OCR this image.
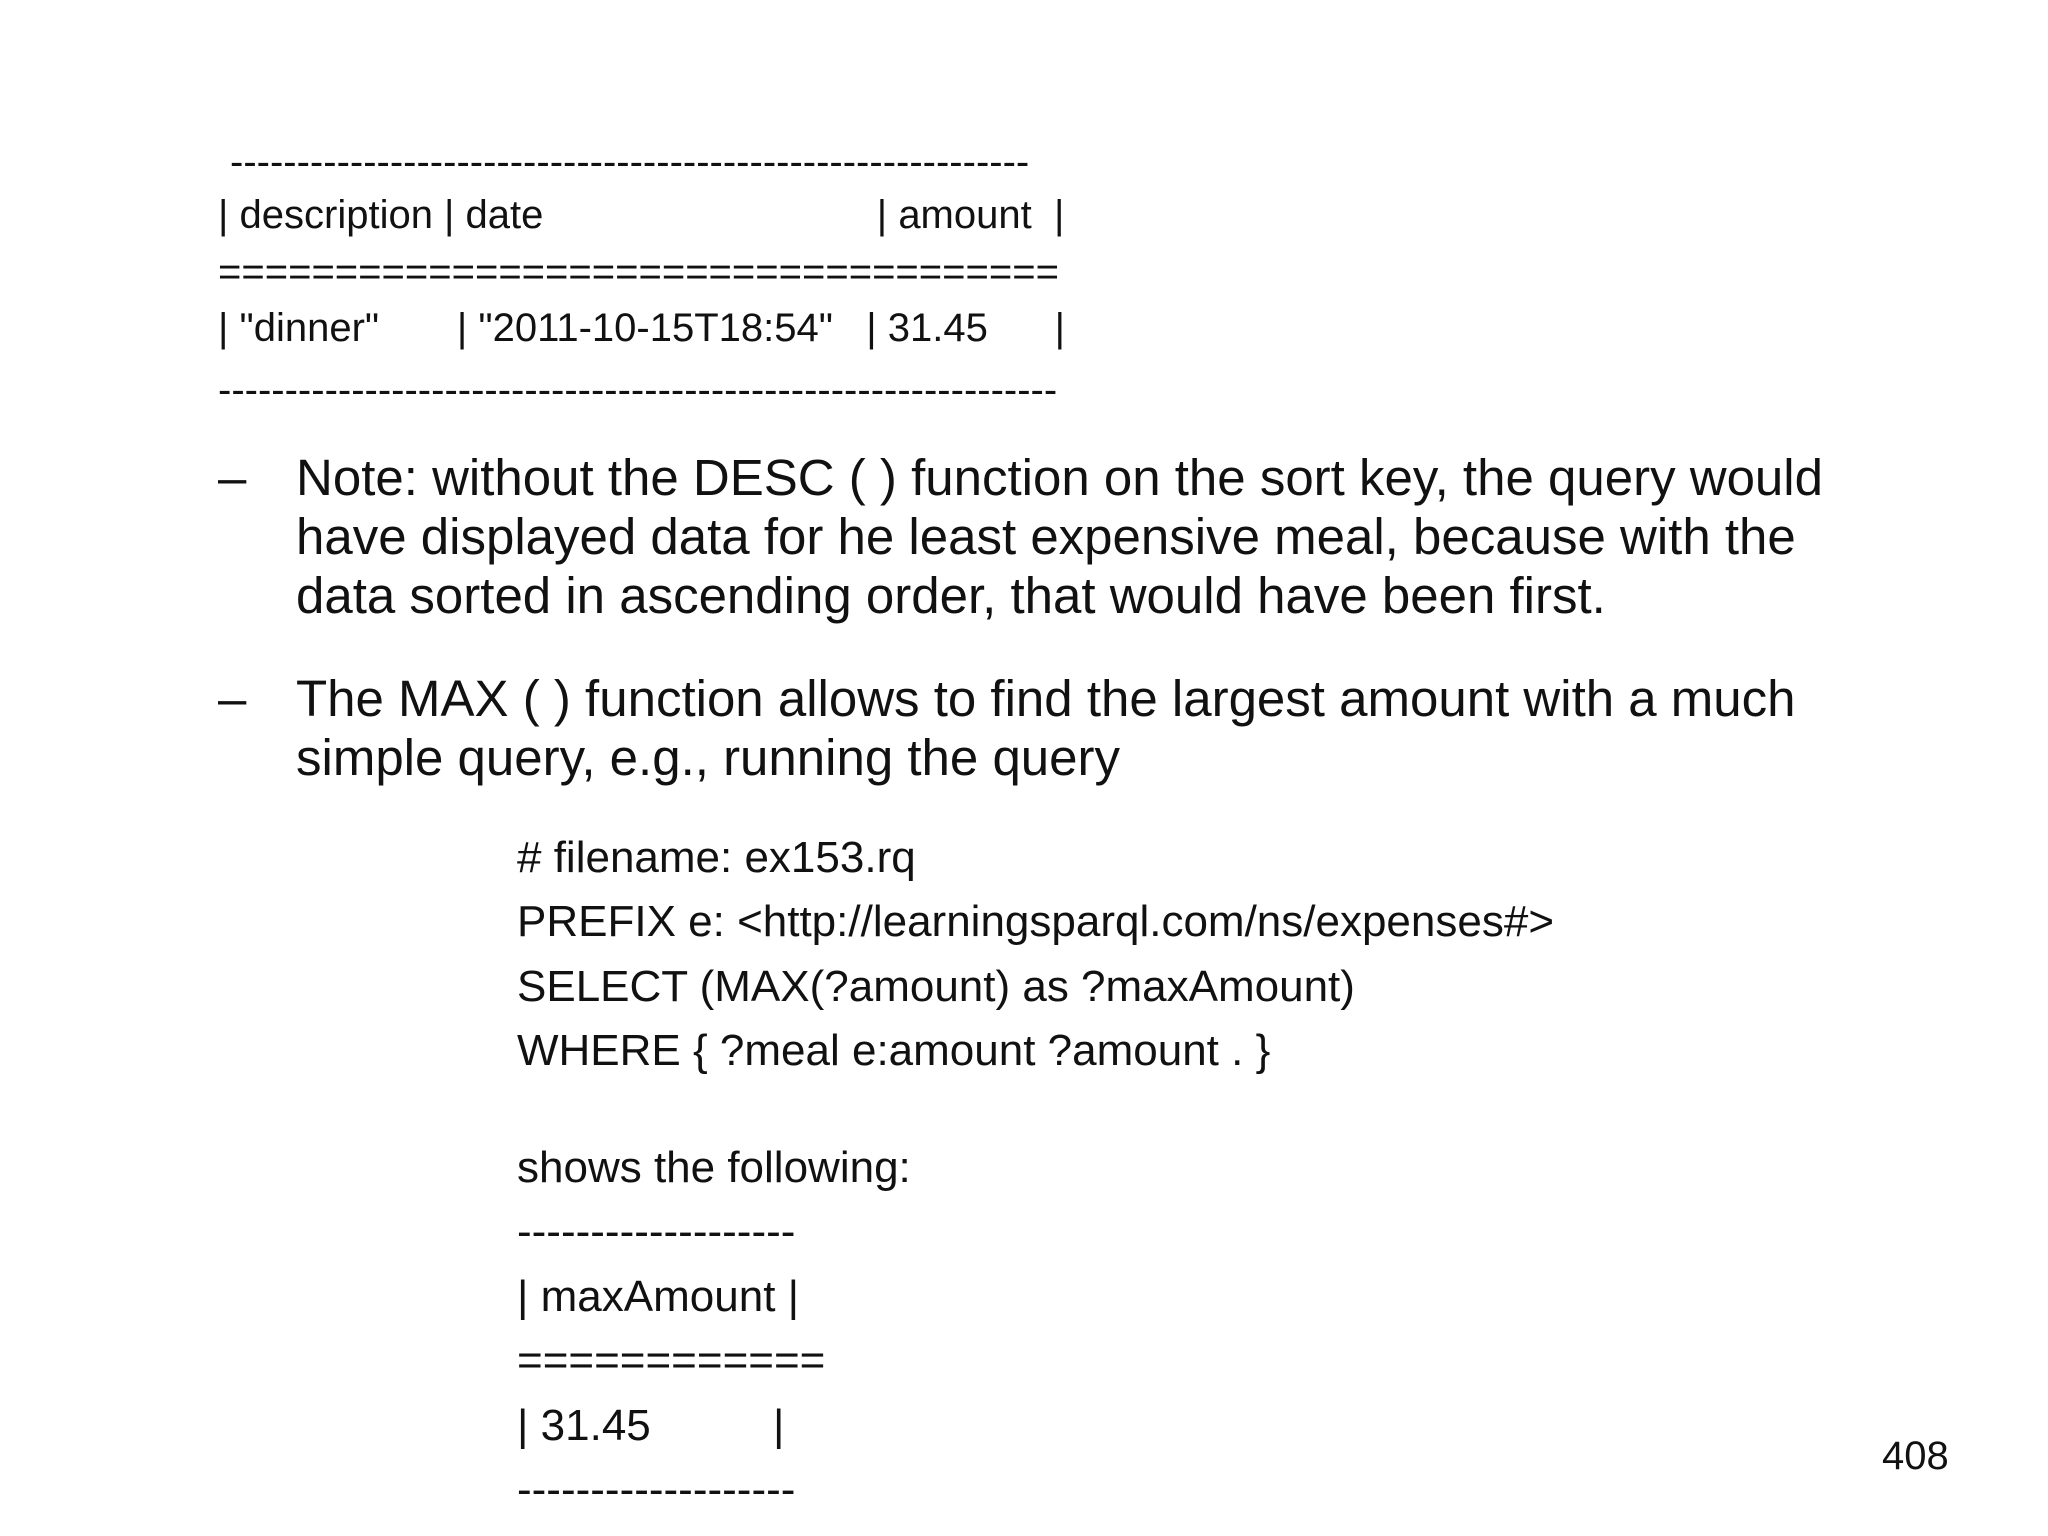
------------------------------------------------------------
| description | date                              | amount  |
====================================
| "dinner"       | "2011-10-15T18:54"   | 31.45      |
---------------------------------------------------------------
– Note: without the DESC ( ) function on the sort key, the query would
have displayed data for he least expensive meal, because with the
data sorted in ascending order, that would have been first.
– The MAX ( ) function allows to find the largest amount with a much
simple query, e.g., running the query
# filename: ex153.rq
PREFIX e: <http://learningsparql.com/ns/expenses#>
SELECT (MAX(?amount) as ?maxAmount)
WHERE { ?meal e:amount ?amount . }
shows the following:
-------------------
| maxAmount |
============
| 31.45          |
-------------------
408
